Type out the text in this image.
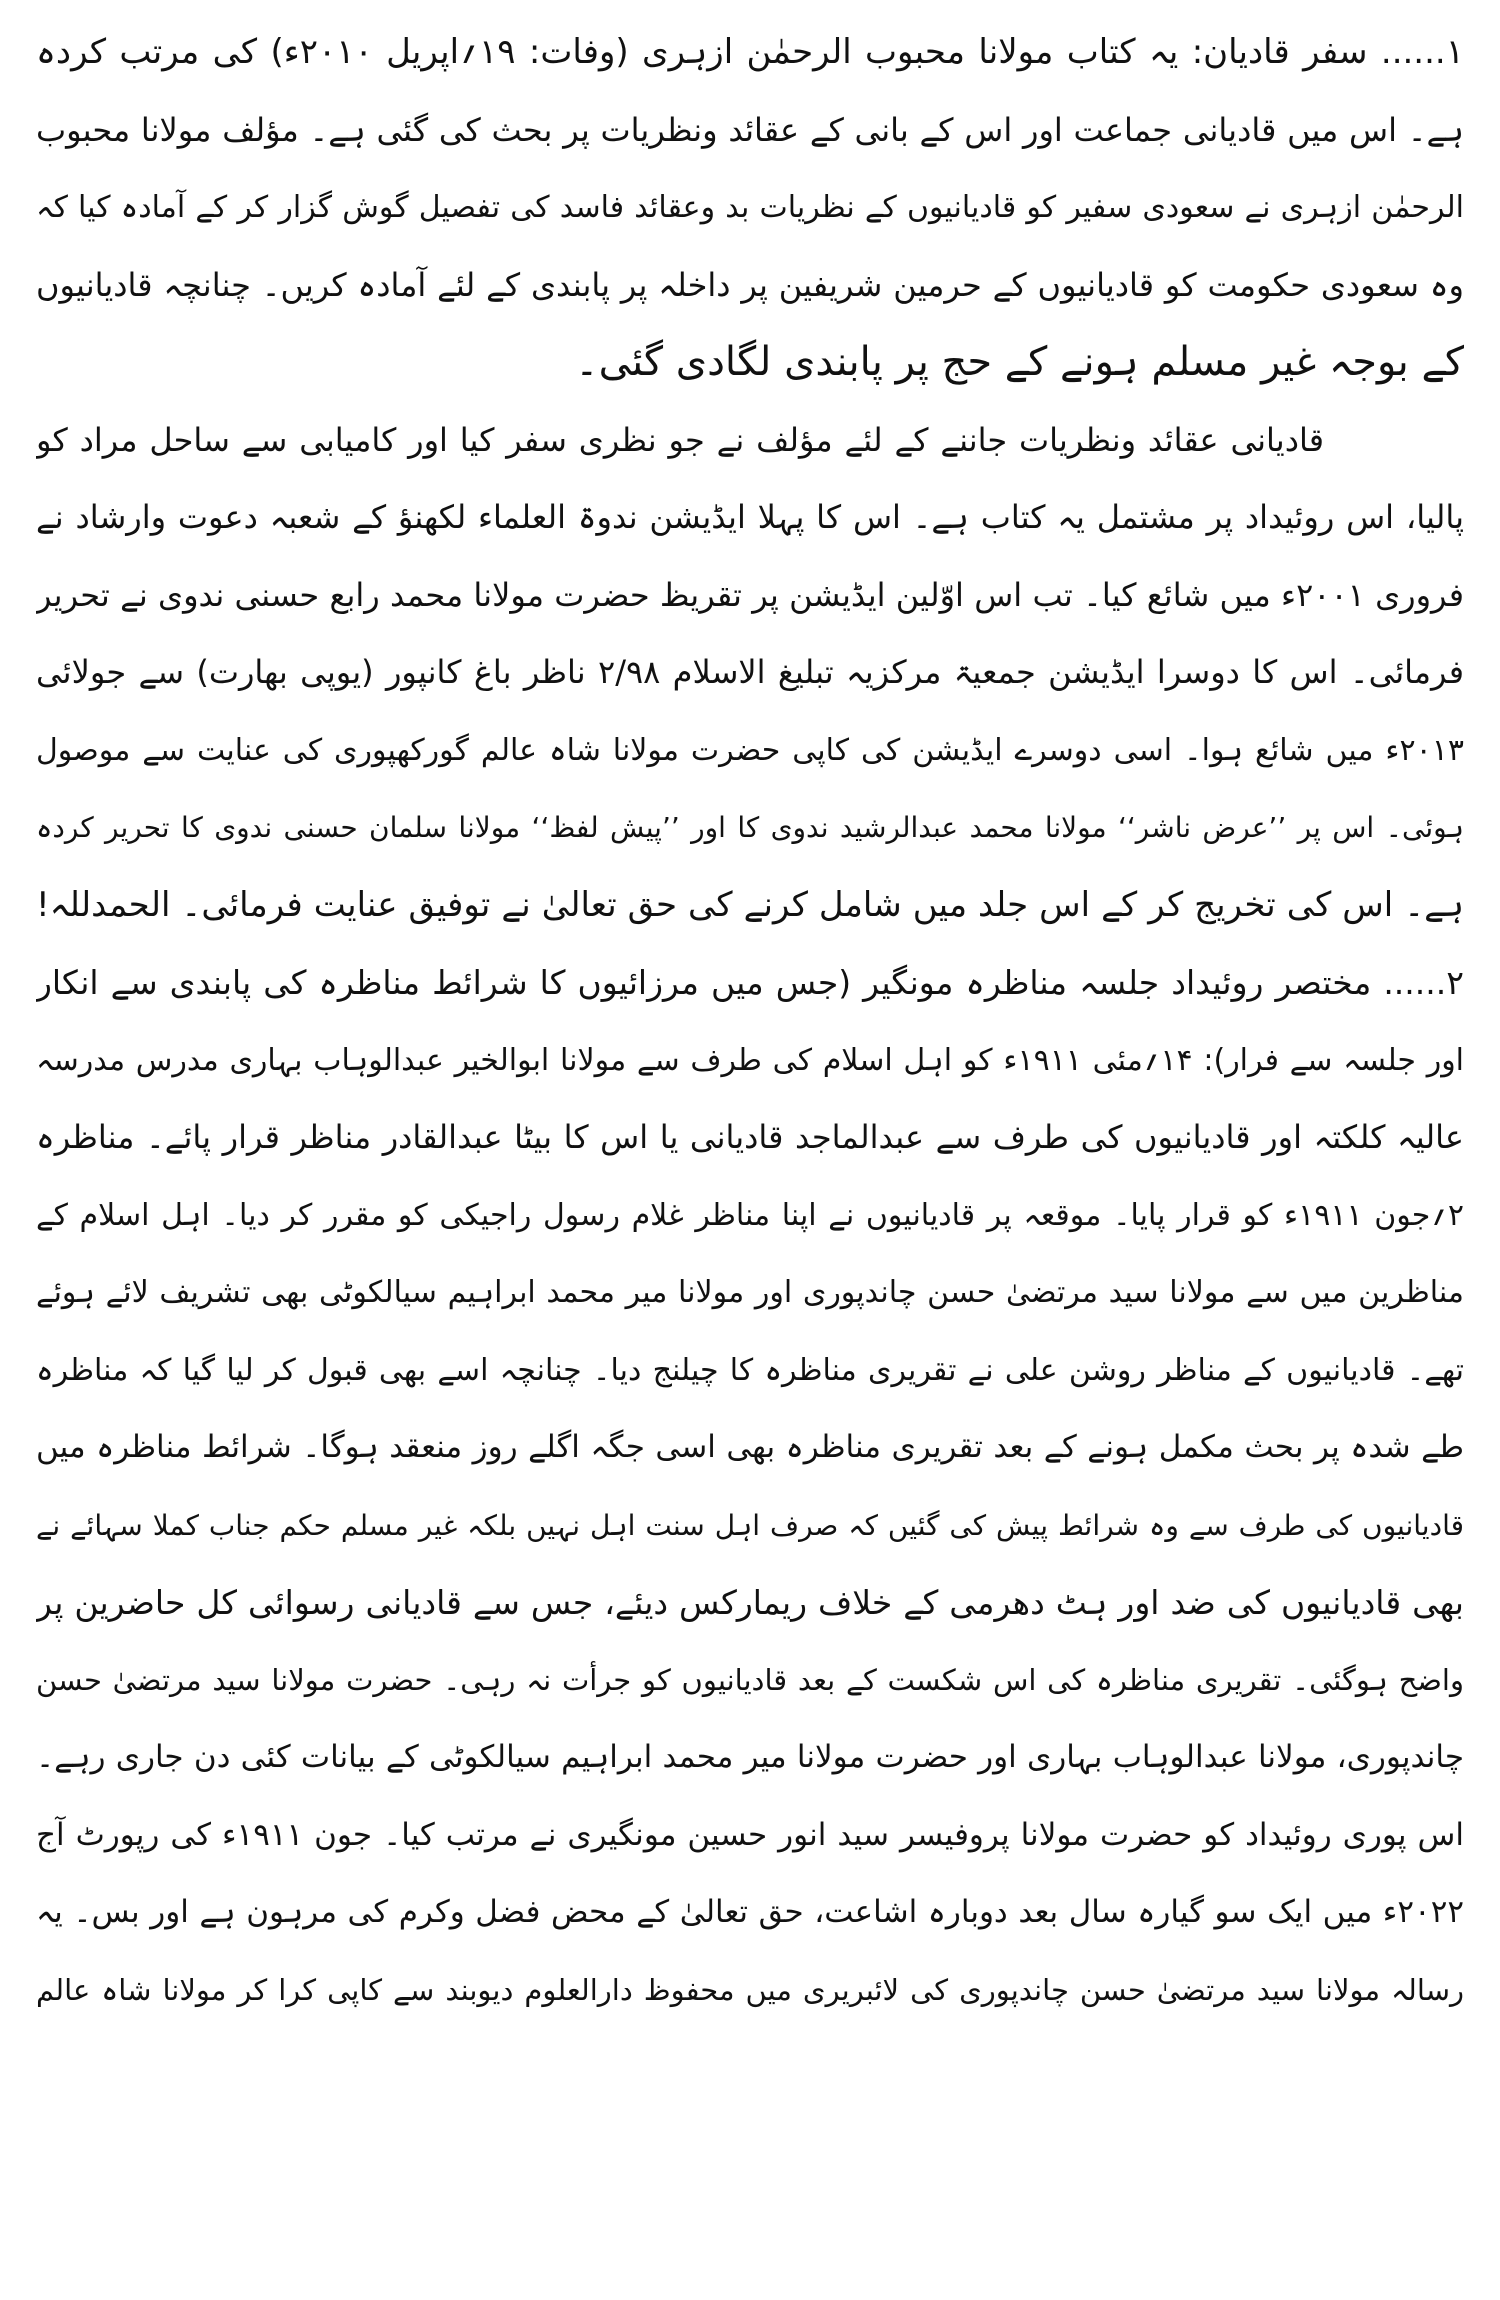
۱...... سفر قادیان: یہ کتاب مولانا محبوب الرحمٰن ازہری (وفات: ۱۹؍اپریل ۲۰۱۰ء) کی مرتب کردہ
ہے۔ اس میں قادیانی جماعت اور اس کے بانی کے عقائد ونظریات پر بحث کی گئی ہے۔ مؤلف مولانا محبوب
الرحمٰن ازہری نے سعودی سفیر کو قادیانیوں کے نظریات بد وعقائد فاسد کی تفصیل گوش گزار کر کے آمادہ کیا کہ
وہ سعودی حکومت کو قادیانیوں کے حرمین شریفین پر داخلہ پر پابندی کے لئے آمادہ کریں۔ چنانچہ قادیانیوں
کے بوجہ غیر مسلم ہونے کے حج پر پابندی لگادی گئی۔
قادیانی عقائد ونظریات جاننے کے لئے مؤلف نے جو نظری سفر کیا اور کامیابی سے ساحل مراد کو
پالیا، اس روئیداد پر مشتمل یہ کتاب ہے۔ اس کا پہلا ایڈیشن ندوۃ العلماء لکھنؤ کے شعبہ دعوت وارشاد نے
فروری ۲۰۰۱ء میں شائع کیا۔ تب اس اوّلین ایڈیشن پر تقریظ حضرت مولانا محمد رابع حسنی ندوی نے تحریر
فرمائی۔ اس کا دوسرا ایڈیشن جمعیۃ مرکزیہ تبلیغ الاسلام ۲/۹۸ ناظر باغ کانپور (یوپی بھارت) سے جولائی
۲۰۱۳ء میں شائع ہوا۔ اسی دوسرے ایڈیشن کی کاپی حضرت مولانا شاہ عالم گورکھپوری کی عنایت سے موصول
ہوئی۔ اس پر ’’عرض ناشر‘‘ مولانا محمد عبدالرشید ندوی کا اور ’’پیش لفظ‘‘ مولانا سلمان حسنی ندوی کا تحریر کردہ
ہے۔ اس کی تخریج کر کے اس جلد میں شامل کرنے کی حق تعالیٰ نے توفیق عنایت فرمائی۔ الحمدللہ!
۲...... مختصر روئیداد جلسہ مناظرہ مونگیر (جس میں مرزائیوں کا شرائط مناظرہ کی پابندی سے انکار
اور جلسہ سے فرار): ۱۴؍مئی ۱۹۱۱ء کو اہل اسلام کی طرف سے مولانا ابوالخیر عبدالوہاب بہاری مدرس مدرسہ
عالیہ کلکتہ اور قادیانیوں کی طرف سے عبدالماجد قادیانی یا اس کا بیٹا عبدالقادر مناظر قرار پائے۔ مناظرہ
۲؍جون ۱۹۱۱ء کو قرار پایا۔ موقعہ پر قادیانیوں نے اپنا مناظر غلام رسول راجیکی کو مقرر کر دیا۔ اہل اسلام کے
مناظرین میں سے مولانا سید مرتضیٰ حسن چاندپوری اور مولانا میر محمد ابراہیم سیالکوٹی بھی تشریف لائے ہوئے
تھے۔ قادیانیوں کے مناظر روشن علی نے تقریری مناظرہ کا چیلنج دیا۔ چنانچہ اسے بھی قبول کر لیا گیا کہ مناظرہ
طے شدہ پر بحث مکمل ہونے کے بعد تقریری مناظرہ بھی اسی جگہ اگلے روز منعقد ہوگا۔ شرائط مناظرہ میں
قادیانیوں کی طرف سے وہ شرائط پیش کی گئیں کہ صرف اہل سنت اہل نہیں بلکہ غیر مسلم حکم جناب کملا سہائے نے
بھی قادیانیوں کی ضد اور ہٹ دھرمی کے خلاف ریمارکس دیئے، جس سے قادیانی رسوائی کل حاضرین پر
واضح ہوگئی۔ تقریری مناظرہ کی اس شکست کے بعد قادیانیوں کو جرأت نہ رہی۔ حضرت مولانا سید مرتضیٰ حسن
چاندپوری، مولانا عبدالوہاب بہاری اور حضرت مولانا میر محمد ابراہیم سیالکوٹی کے بیانات کئی دن جاری رہے۔
اس پوری روئیداد کو حضرت مولانا پروفیسر سید انور حسین مونگیری نے مرتب کیا۔ جون ۱۹۱۱ء کی رپورٹ آج
۲۰۲۲ء میں ایک سو گیارہ سال بعد دوبارہ اشاعت، حق تعالیٰ کے محض فضل وکرم کی مرہون ہے اور بس۔ یہ
رسالہ مولانا سید مرتضیٰ حسن چاندپوری کی لائبریری میں محفوظ دارالعلوم دیوبند سے کاپی کرا کر مولانا شاہ عالم
